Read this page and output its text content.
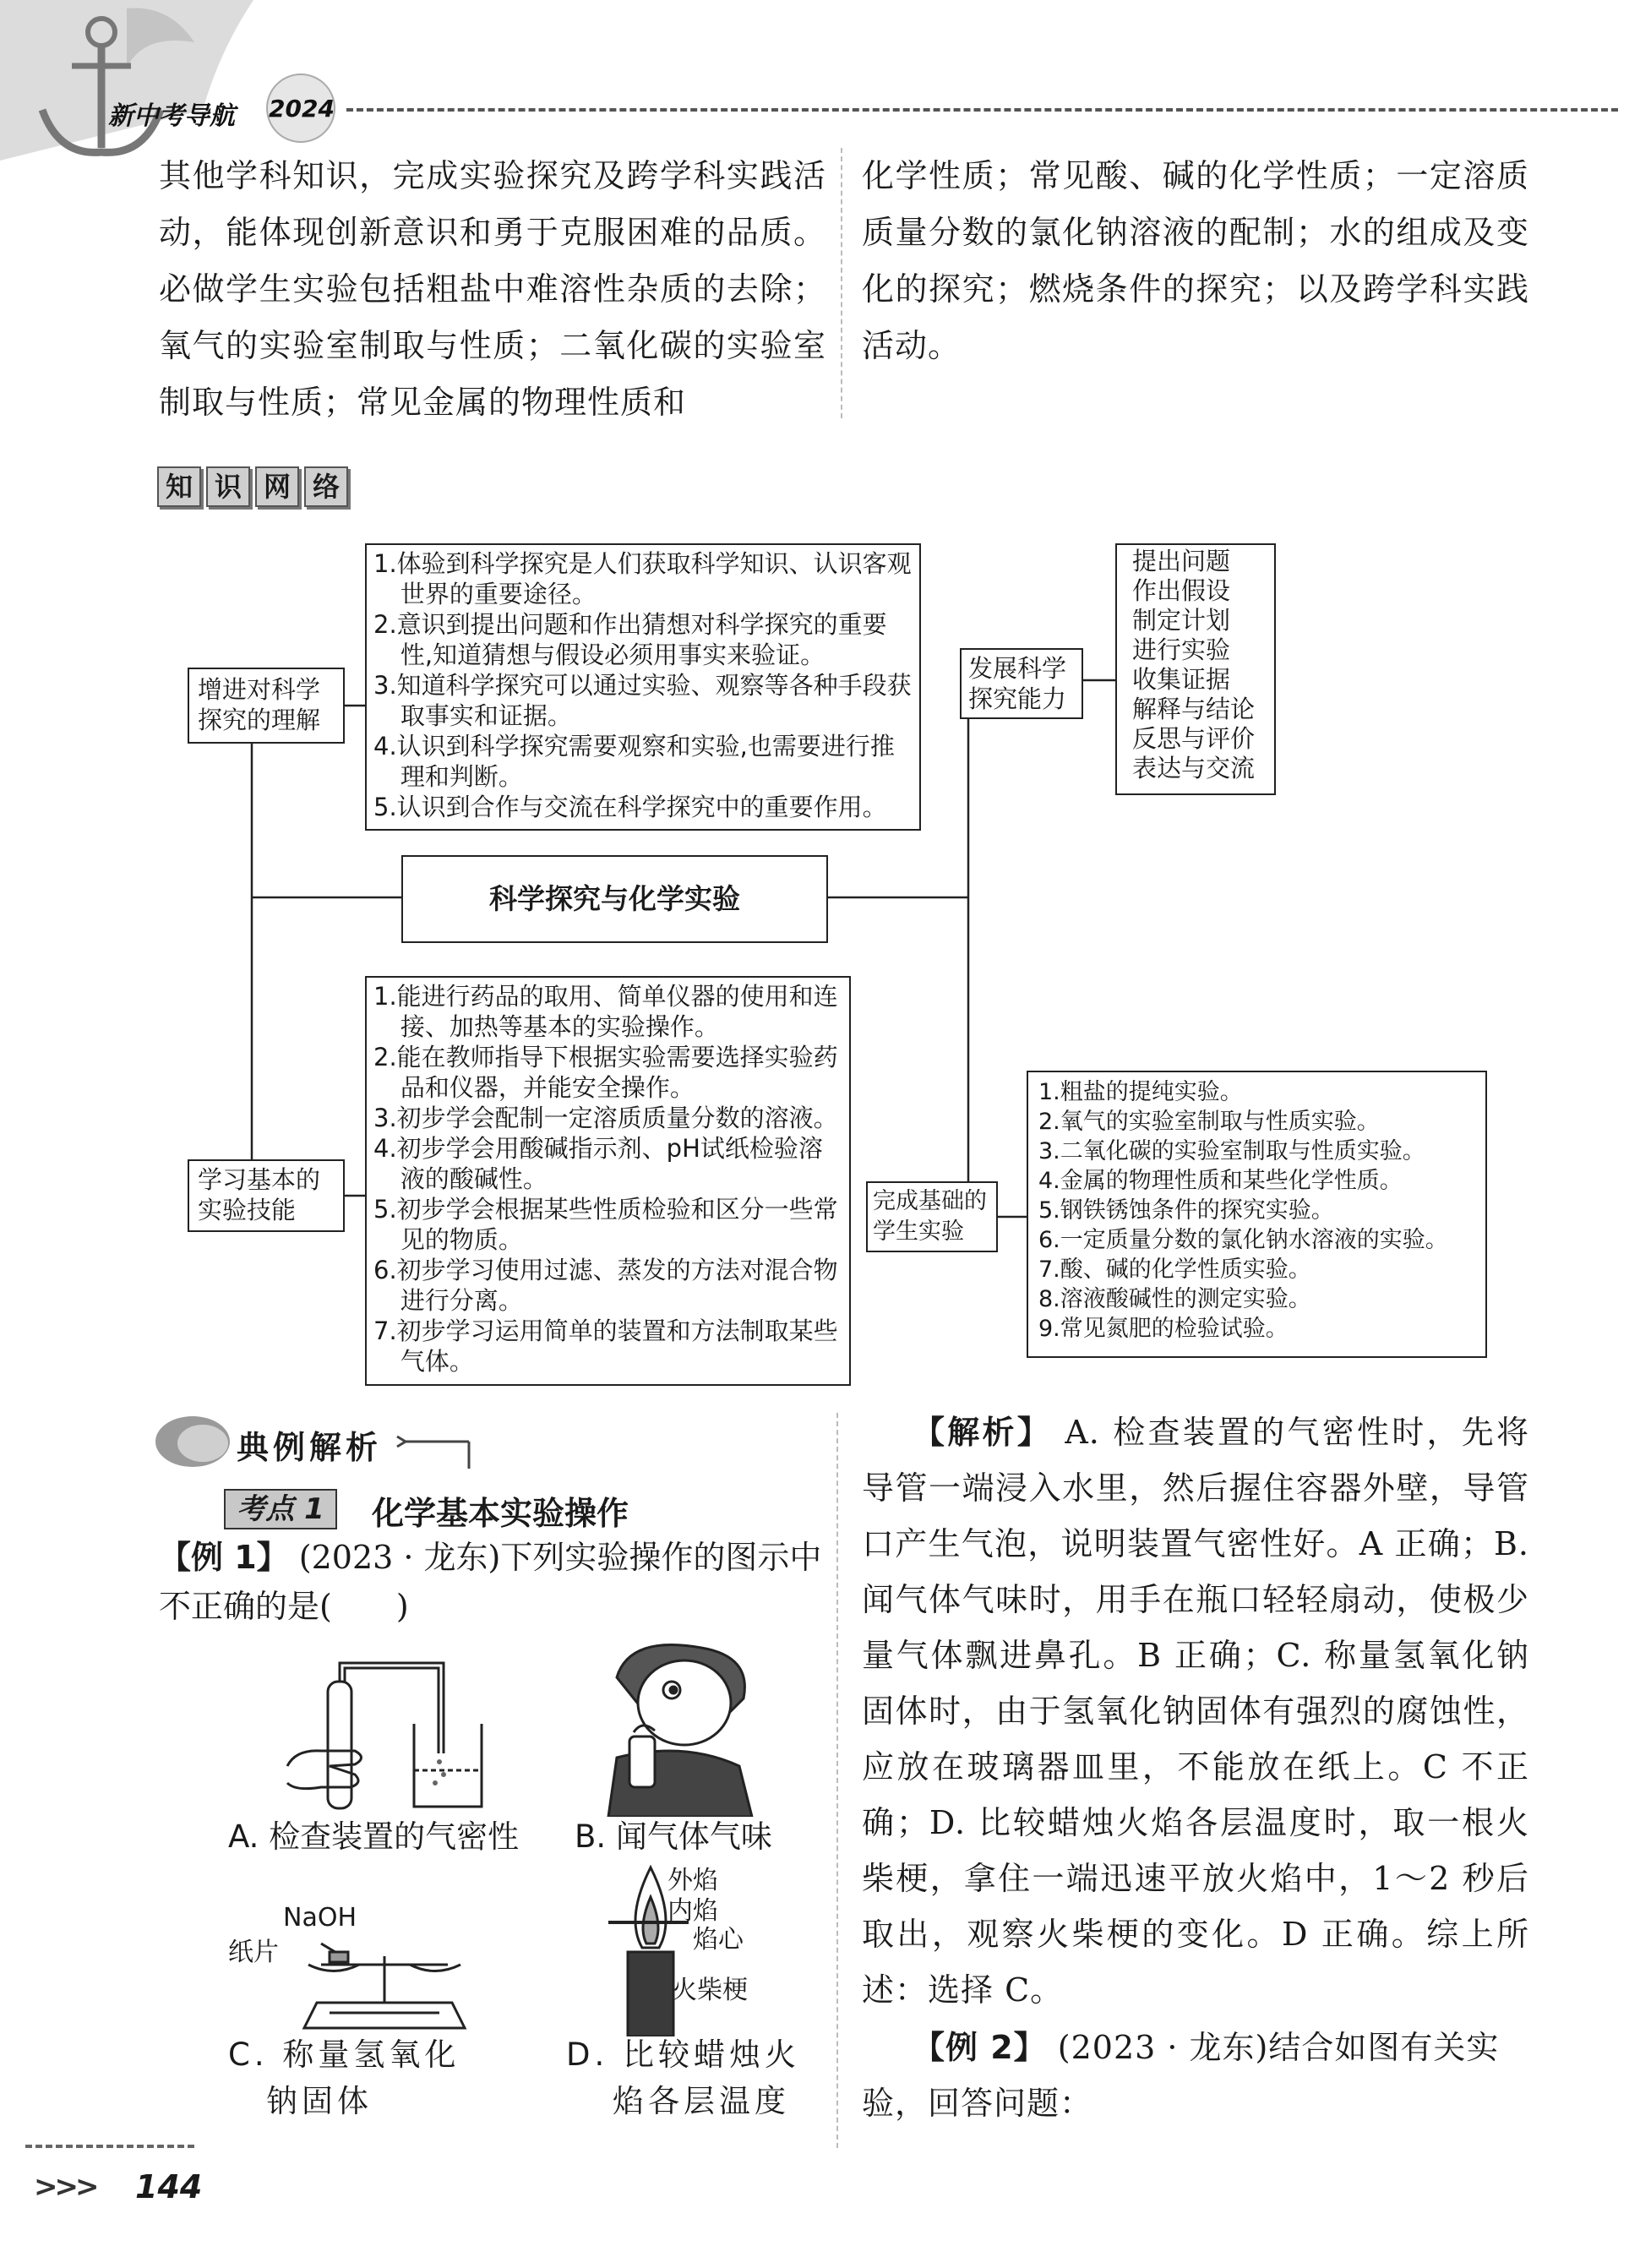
新中考导航 2024
其他学科知识，完成实验探究及跨学科实践活动，能体现创新意识和勇于克服困难的品质。必做学生实验包括粗盐中难溶性杂质的去除；氧气的实验室制取与性质；二氧化碳的实验室制取与性质；常见金属的物理性质和
化学性质；常见酸、碱的化学性质；一定溶质质量分数的氯化钠溶液的配制；水的组成及变化的探究；燃烧条件的探究；以及跨学科实践活动。
知 识 网 络

增进对科学探究的理解

1.体验到科学探究是人们获取科学知识、认识客观世界的重要途径。

2.意识到提出问题和作出猜想对科学探究的重要性,知道猜想与假设必须用事实来验证。

3.知道科学探究可以通过实验、观察等各种手段获取事实和证据。

4.认识到科学探究需要观察和实验,也需要进行推理和判断。

5.认识到合作与交流在科学探究中的重要作用。

发展科学探究能力

提出问题

作出假设

制定计划

进行实验

收集证据

解释与结论

反思与评价

表达与交流

科学探究与化学实验

1.能进行药品的取用、简单仪器的使用和连接、加热等基本的实验操作。

2.能在教师指导下根据实验需要选择实验药品和仪器，并能安全操作。

3.初步学会配制一定溶质质量分数的溶液。

4.初步学会用酸碱指示剂、pH试纸检验溶液的酸碱性。

5.初步学会根据某些性质检验和区分一些常见的物质。

6.初步学习使用过滤、蒸发的方法对混合物进行分离。

7.初步学习运用简单的装置和方法制取某些气体。

学习基本的实验技能	完成基础的学生实验

1.粗盐的提纯实验。

2.氧气的实验室制取与性质实验。

3.二氧化碳的实验室制取与性质实验。

4.金属的物理性质和某些化学性质。

5.钢铁锈蚀条件的探究实验。

6.一定质量分数的氯化钠水溶液的实验。

7.酸、碱的化学性质实验。

8.溶液酸碱性的测定实验。

9.常见氮肥的检验试验。

典例解析
考点 1	化学基本实验操作
【例 1】 (2023 · 龙东)下列实验操作的图示中不正确的是(　　)
A. 检查装置的气密性 B. 闻气体气味
NaOH
纸片
C. 称量氢氧化
钠固体
外焰
内焰
焰心
火柴梗
D. 比较蜡烛火
焰各层温度
【解析】 A. 检查装置的气密性时，先将导管一端浸入水里，然后握住容器外壁，导管口产生气泡，说明装置气密性好。A 正确；B. 闻气体气味时，用手在瓶口轻轻扇动，使极少量气体飘进鼻孔。B 正确；C. 称量氢氧化钠固体时，由于氢氧化钠固体有强烈的腐蚀性，应放在玻璃器皿里，不能放在纸上。C 不正确；D. 比较蜡烛火焰各层温度时，取一根火柴梗，拿住一端迅速平放火焰中，1～2 秒后取出，观察火柴梗的变化。D 正确。综上所述：选择 C。
【例 2】 (2023 · 龙东)结合如图有关实验，回答问题：
>>> 144
